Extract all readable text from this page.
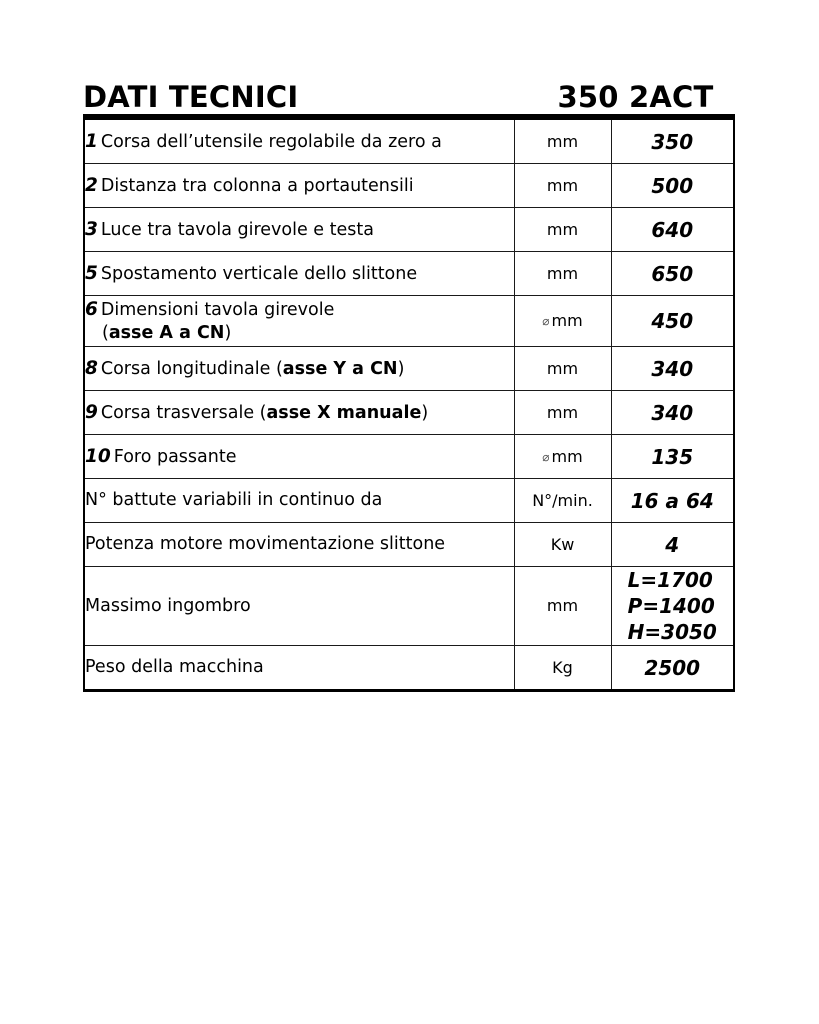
DATI TECNICI	350 2ACT
1 Corsa dell’utensile regolabile da zero a	mm	350
2 Distanza tra colonna a portautensili	mm	500
3 Luce tra tavola girevole e testa	mm	640
5 Spostamento verticale dello slittone	mm	650
6 Dimensioni tavola girevole
(asse A a CN)	⌀ mm	450
8 Corsa longitudinale (asse Y a CN)	mm	340
9 Corsa trasversale (asse X manuale)	mm	340
10 Foro passante	⌀ mm	135
N° battute variabili in continuo da	N°/min.	16 a 64
Potenza motore movimentazione slittone	Kw	4
Massimo ingombro	mm	L=1700
P=1400
H=3050

Peso della macchina	Kg	2500
